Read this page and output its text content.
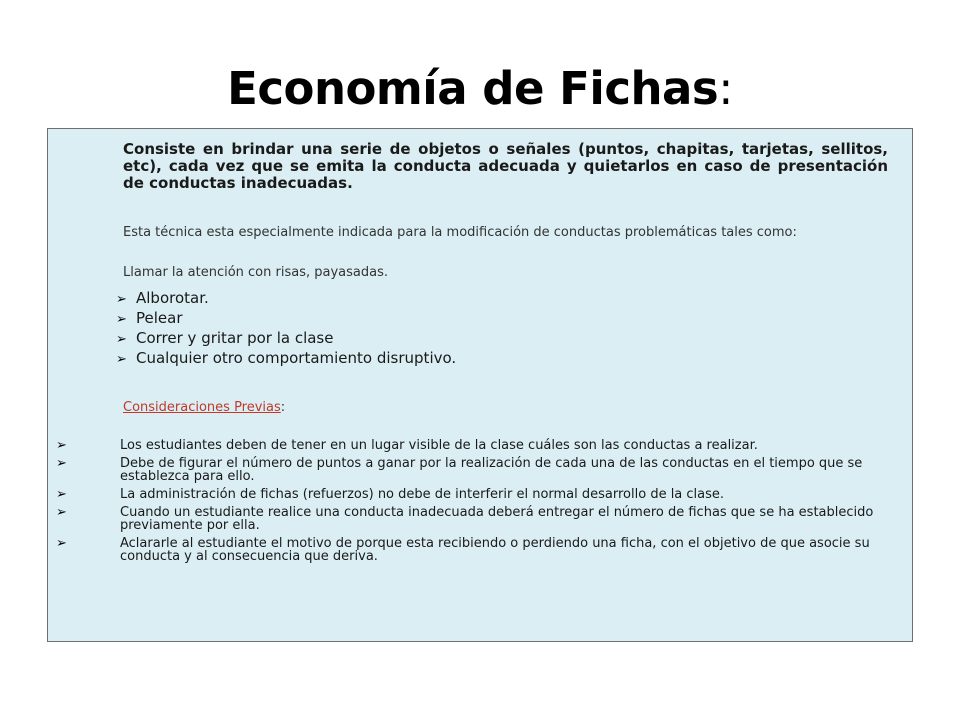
Economía de Fichas:

Consiste en brindar una serie de objetos o señales (puntos, chapitas, tarjetas, sellitos, etc), cada vez que se emita la conducta adecuada y quietarlos en caso de presentación de conductas inadecuadas.

Esta técnica esta especialmente indicada para la modificación de conductas problemáticas tales como:

Llamar la atención con risas, payasadas.

➢ Alborotar.
➢ Pelear
➢ Correr y gritar por la clase
➢ Cualquier otro comportamiento disruptivo.

Consideraciones Previas:

➢	Los estudiantes deben de tener en un lugar visible de la clase cuáles son las conductas a realizar.
➢	Debe de figurar el número de puntos a ganar por la realización de cada una de las conductas en el tiempo que se establezca para ello.
➢	La administración de fichas (refuerzos) no debe de interferir el normal desarrollo de la clase.
➢	Cuando un estudiante realice una conducta inadecuada deberá entregar el número de fichas que se ha establecido previamente por ella.
➢	Aclararle al estudiante el motivo de porque esta recibiendo o perdiendo una ficha, con el objetivo de que asocie su conducta y al consecuencia que deriva.
